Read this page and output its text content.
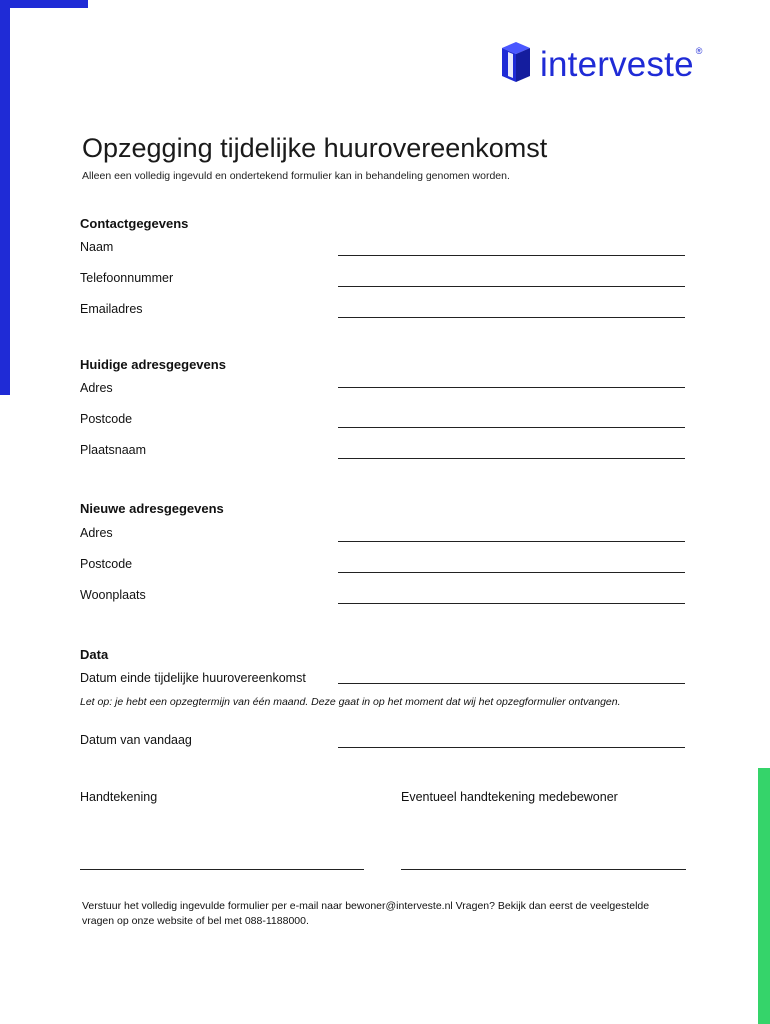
interveste ®
Opzegging tijdelijke huurovereenkomst
Alleen een volledig ingevuld en ondertekend formulier kan in behandeling genomen worden.
Contactgegevens
Naam
Telefoonnummer
Emailadres
Huidige adresgegevens
Adres
Postcode
Plaatsnaam
Nieuwe adresgegevens
Adres
Postcode
Woonplaats
Data
Datum einde tijdelijke huurovereenkomst
Let op: je hebt een opzegtermijn van één maand. Deze gaat in op het moment dat wij het opzegformulier ontvangen.
Datum van vandaag
Handtekening	Eventueel handtekening medebewoner
Verstuur het volledig ingevulde formulier per e-mail naar bewoner@interveste.nl Vragen? Bekijk dan eerst de veelgestelde vragen op onze website of bel met 088-1188000.
